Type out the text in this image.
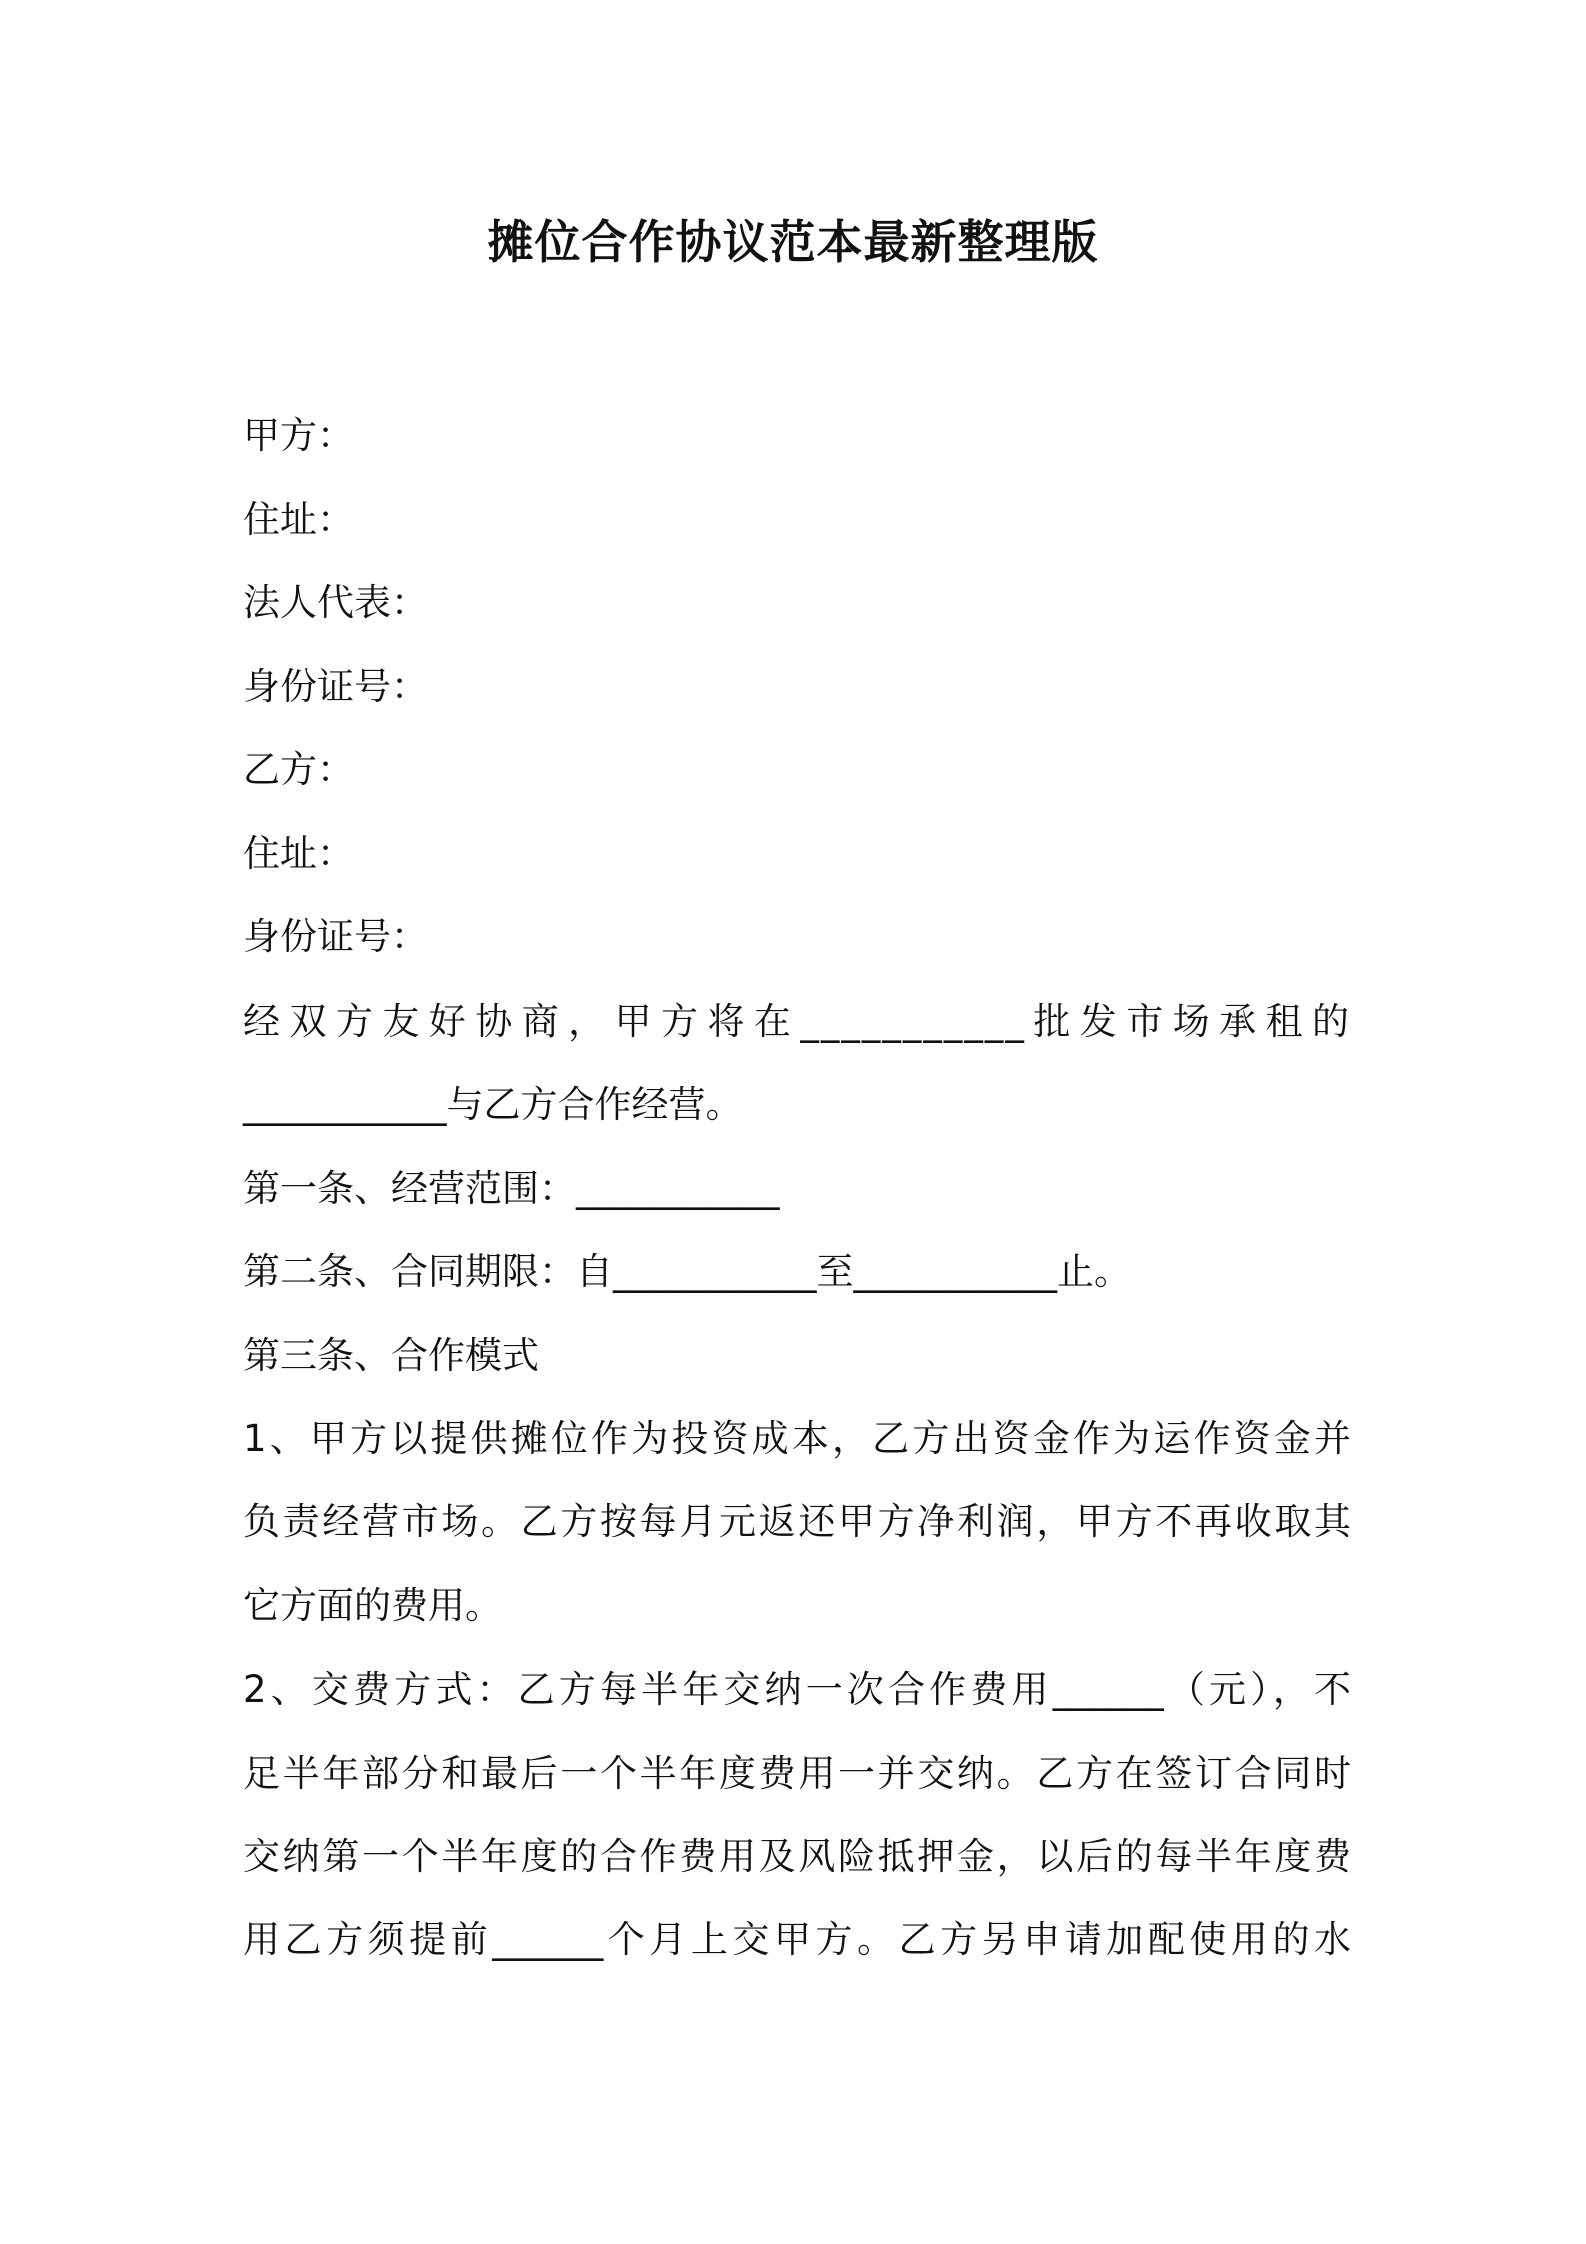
摊位合作协议范本最新整理版
甲方：
住址：
法人代表：
身份证号：
乙方：
住址：
身份证号：
经双方友好协商，甲方将在___________批发市场承租的
___________与乙方合作经营。
第一条、经营范围：___________
第二条、合同期限：自___________至___________止。
第三条、合作模式
1、甲方以提供摊位作为投资成本，乙方出资金作为运作资金并
负责经营市场。乙方按每月元返还甲方净利润，甲方不再收取其
它方面的费用。
2、交费方式：乙方每半年交纳一次合作费用______（元），不
足半年部分和最后一个半年度费用一并交纳。乙方在签订合同时
交纳第一个半年度的合作费用及风险抵押金，以后的每半年度费
用乙方须提前______个月上交甲方。乙方另申请加配使用的水
